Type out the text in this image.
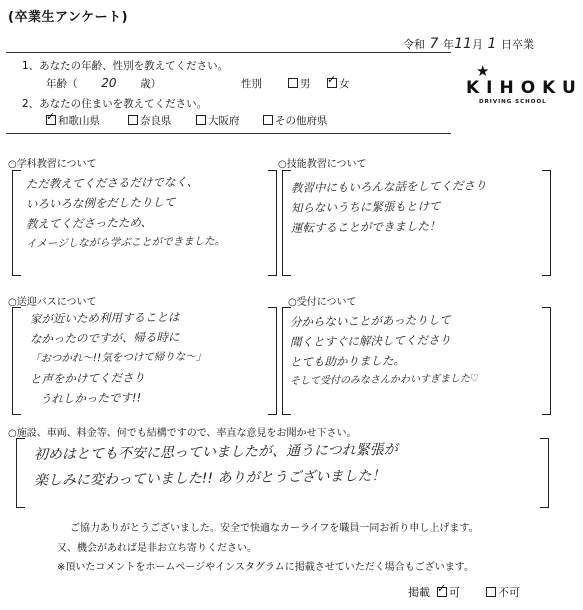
(卒業生アンケート)
令和 7 年 11 月 1 日卒業
1、あなたの年齢、性別を教えてください。
年齢（ 20 歳）	性別	男 ✓	女
2、あなたの住まいを教えてください。
✓和歌山県	奈良県	大阪府	その他府県
★
KIHOKU
DRIVING SCHOOL
○学科教習について
ただ教えてくださるだけでなく、
いろいろな例をだしたりして
教えてくださったため、
イメージしながら学ぶことができました。
○技能教習について
教習中にもいろんな話をしてくださり
知らないうちに緊張もとけて
運転することができました！
○送迎バスについて
家が近いため利用することは
なかったのですが、帰る時に
「おつかれ〜!!気をつけて帰りな〜」
と声をかけてくださり
うれしかったです!!
○受付について
分からないことがあったりして
聞くとすぐに解決してくださり
とても助かりました。
そして受付のみなさんかわいすぎました♡
○施設、車両、料金等、何でも結構ですので、率直な意見をお聞かせ下さい。
初めはとても不安に思っていましたが、通うにつれ緊張が
楽しみに変わっていました!! ありがとうございました！
ご協力ありがとうございました。安全で快適なカーライフを職員一同お祈り申し上げます。
又、機会があれば是非お立ち寄りください。
※頂いたコメントをホームページやインスタグラムに掲載させていただく場合もございます。
掲載 ✓	可	不可
